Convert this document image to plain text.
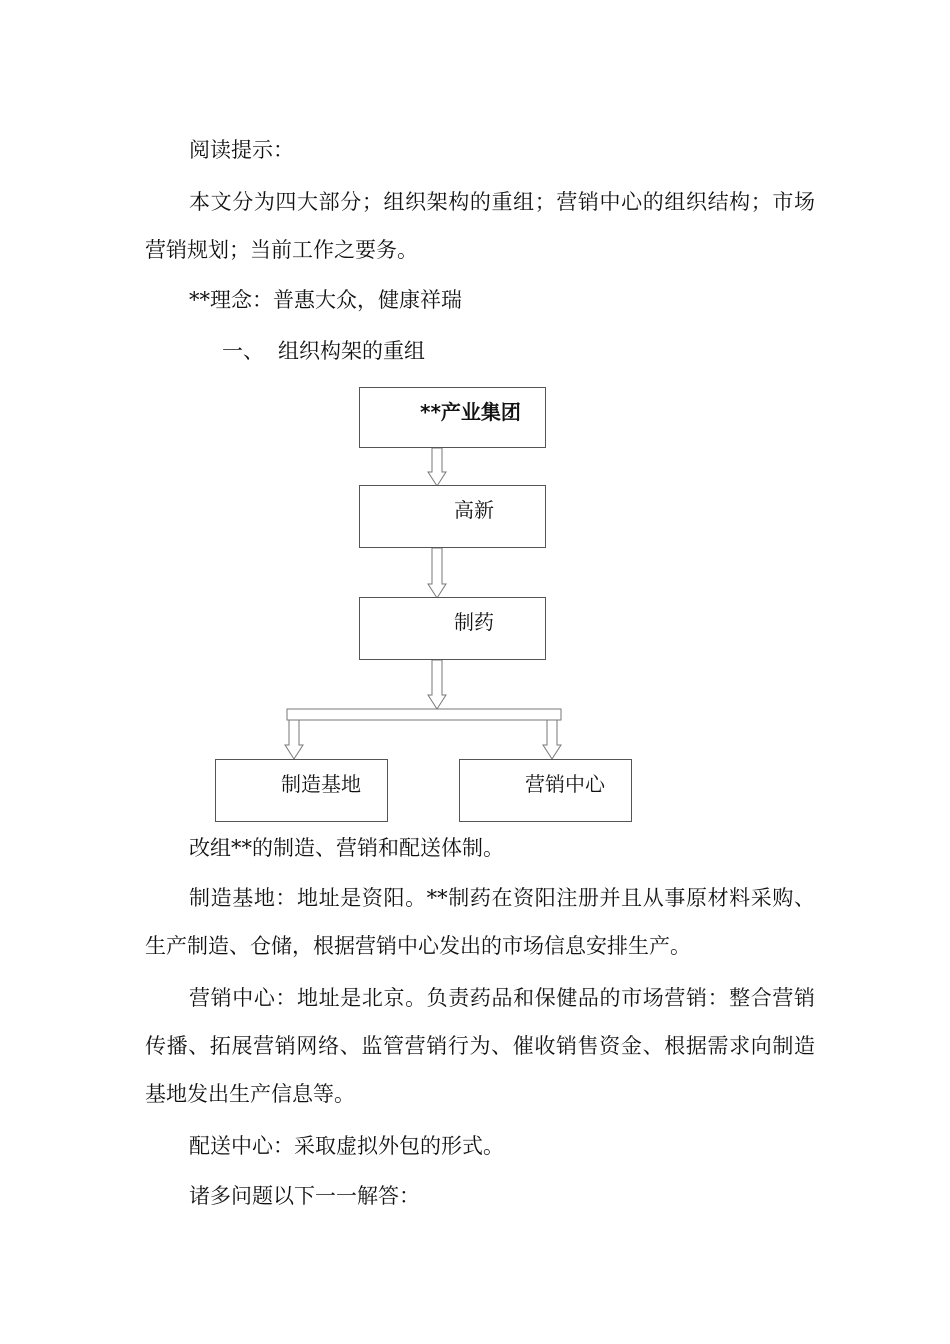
阅读提示：

本文分为四大部分；组织架构的重组；营销中心的组织结构；市场营销规划；当前工作之要务。

**理念：普惠大众，健康祥瑞

一、 组织构架的重组
**产业集团
高新
制药
制造基地	营销中心

改组**的制造、营销和配送体制。

制造基地：地址是资阳。**制药在资阳注册并且从事原材料采购、生产制造、仓储，根据营销中心发出的市场信息安排生产。

营销中心：地址是北京。负责药品和保健品的市场营销：整合营销传播、拓展营销网络、监管营销行为、催收销售资金、根据需求向制造基地发出生产信息等。

配送中心：采取虚拟外包的形式。

诸多问题以下一一解答：
